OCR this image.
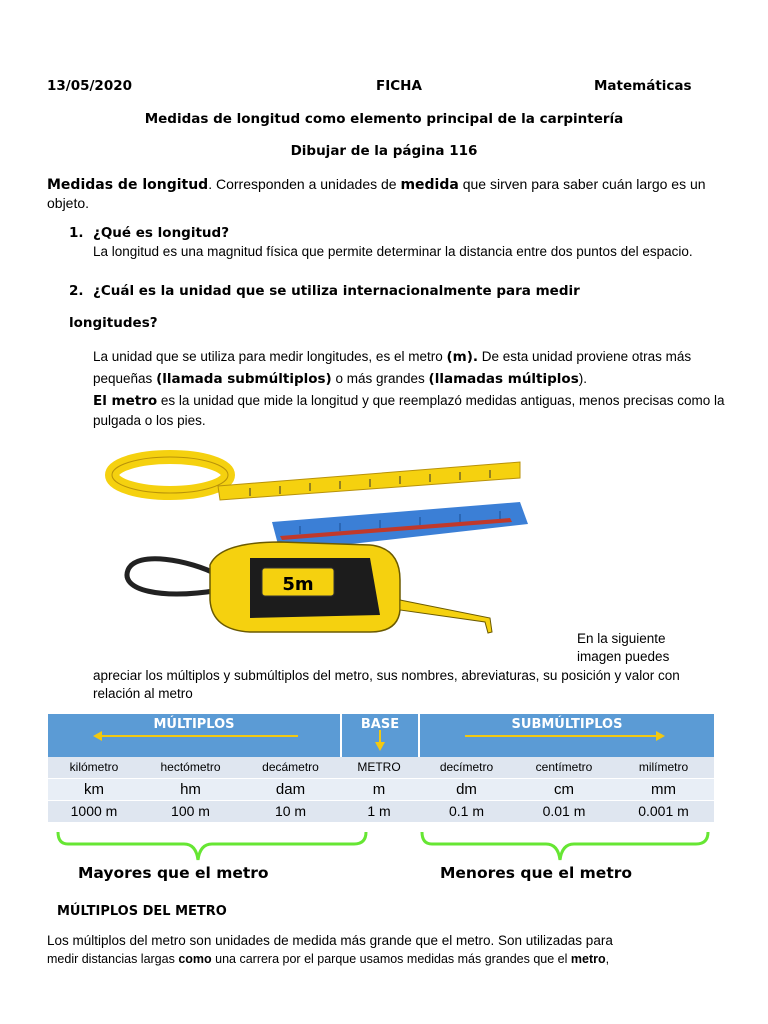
13/05/2020	FICHA	Matemáticas
Medidas de longitud como elemento principal de la carpintería
Dibujar de la página 116
Medidas de longitud. Corresponden a unidades de medida que sirven para saber cuán largo es un objeto.
1. ¿Qué es longitud?
La longitud es una magnitud física que permite determinar la distancia entre dos puntos del espacio.
2. ¿Cuál es la unidad que se utiliza internacionalmente para medir
longitudes?
La unidad que se utiliza para medir longitudes, es el metro (m). De esta unidad proviene otras más pequeñas (llamada submúltiplos) o más grandes (llamadas múltiplos).
El metro es la unidad que mide la longitud y que reemplazó medidas antiguas, menos precisas como la pulgada o los pies.
5m
En la siguiente imagen puedes
apreciar los múltiplos y submúltiplos del metro, sus nombres, abreviaturas, su posición y valor con relación al metro
MÚLTIPLOS	BASE	SUBMÚLTIPLOS
kilómetro	hectómetro	decámetro	METRO	decímetro	centímetro	milímetro
km	hm	dam	m	dm	cm	mm
1000 m	100 m	10 m	1 m	0.1 m	0.01 m	0.001 m
Mayores que el metro	Menores que el metro
MÚLTIPLOS DEL METRO
Los múltiplos del metro son unidades de medida más grande que el metro. Son utilizadas para
medir distancias largas como una carrera por el parque usamos medidas más grandes que el metro,
